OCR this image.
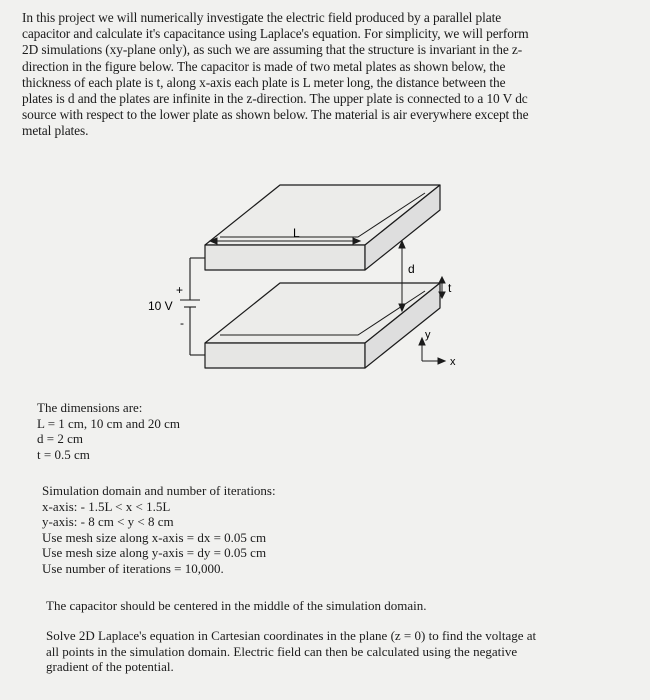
In this project we will numerically investigate the electric field produced by a parallel plate

capacitor and calculate it's capacitance using Laplace's equation. For simplicity, we will perform

2D simulations (xy-plane only), as such we are assuming that the structure is invariant in the z-

direction in the figure below. The capacitor is made of two metal plates as shown below, the

thickness of each plate is t, along x-axis each plate is L meter long, the distance between the

plates is d and the plates are infinite in the z-direction. The upper plate is connected to a 10 V dc

source with respect to the lower plate as shown below. The material is air everywhere except the

metal plates.

L
d
t
+
-
10 V
y
x

The dimensions are:

L = 1 cm, 10 cm and 20 cm

d = 2 cm

t = 0.5 cm

Simulation domain and number of iterations:

x-axis: - 1.5L < x < 1.5L

y-axis: - 8 cm < y < 8 cm

Use mesh size along x-axis = dx = 0.05 cm

Use mesh size along y-axis = dy = 0.05 cm

Use number of iterations = 10,000.

The capacitor should be centered in the middle of the simulation domain.

Solve 2D Laplace's equation in Cartesian coordinates in the plane (z = 0) to find the voltage at

all points in the simulation domain. Electric field can then be calculated using the negative

gradient of the potential.
